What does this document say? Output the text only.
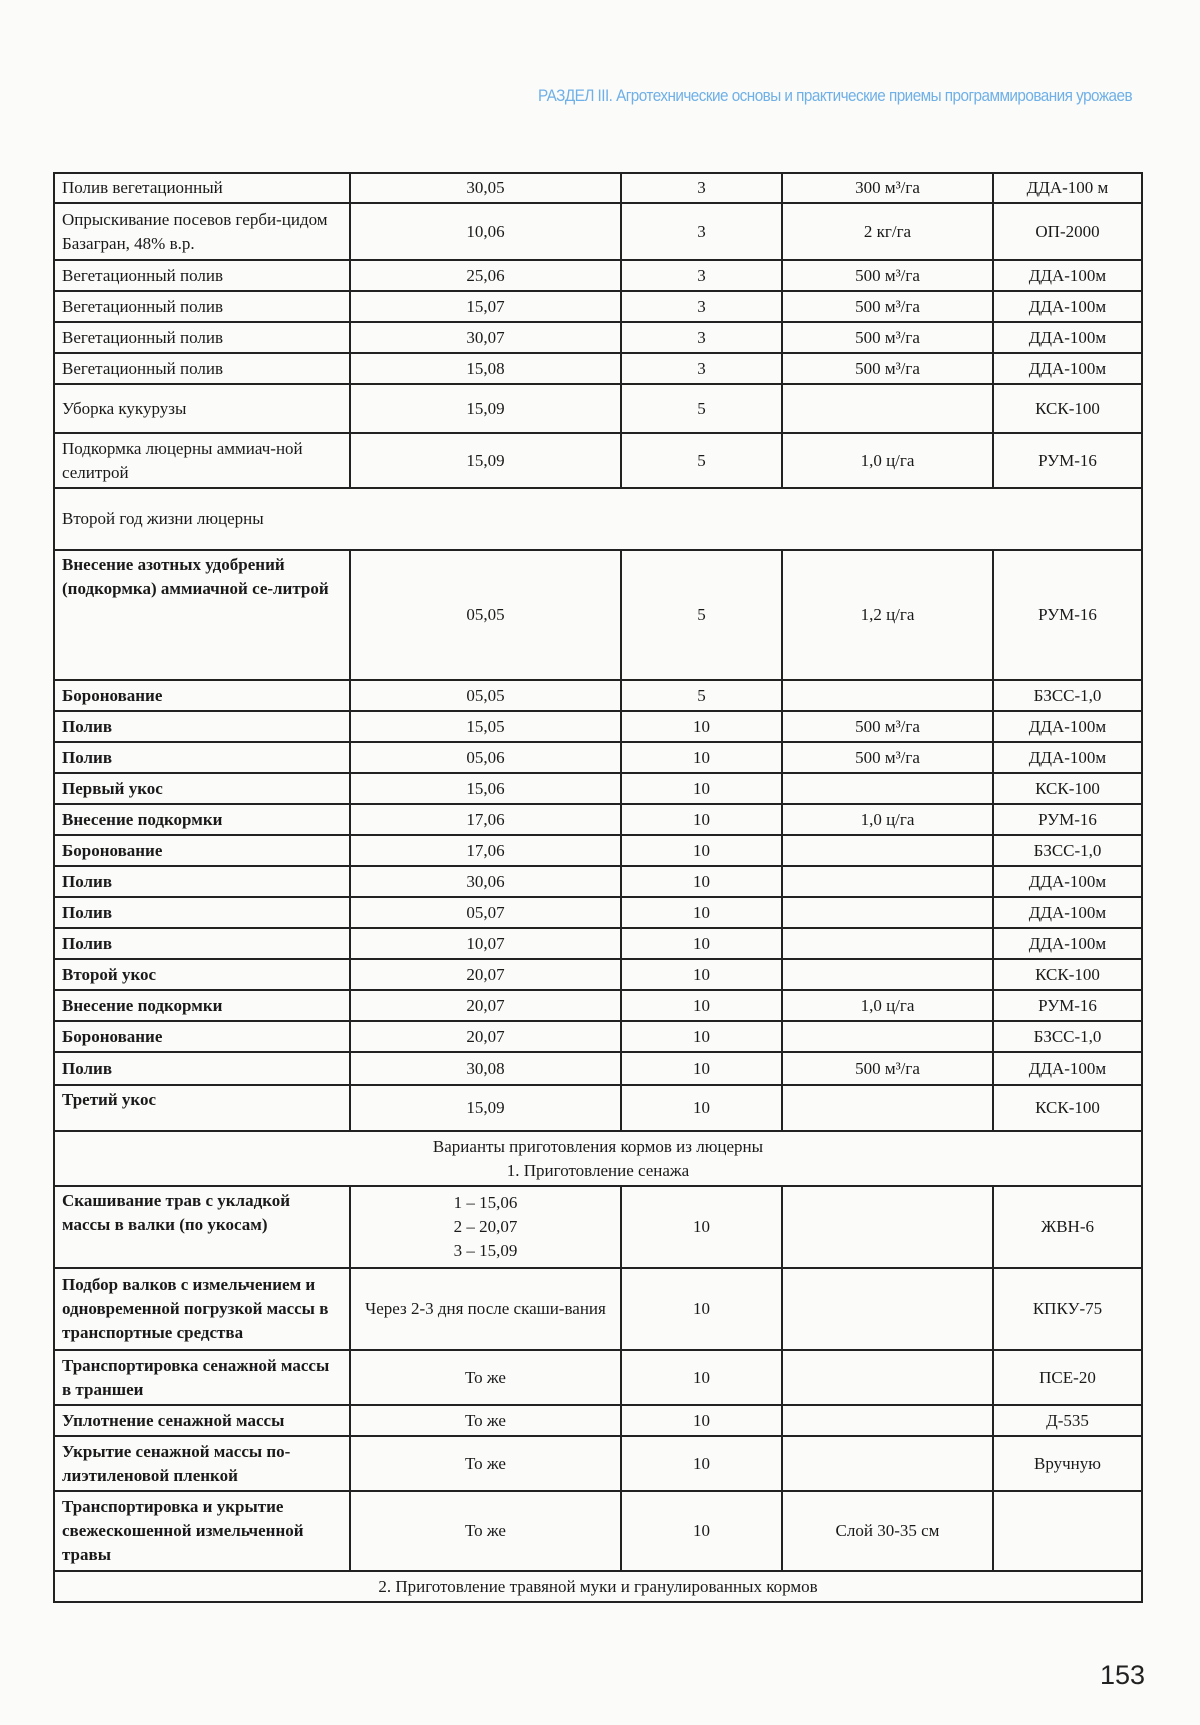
РАЗДЕЛ III. Агротехнические основы и практические приемы программирования урожаев
Полив вегетационный	30,05	3	300 м³/га	ДДА-100 м
Опрыскивание посевов герби-цидом Базагран, 48% в.р.	10,06	3	2 кг/га	ОП-2000
Вегетационный полив	25,06	3	500 м³/га	ДДА-100м
Вегетационный полив	15,07	3	500 м³/га	ДДА-100м
Вегетационный полив	30,07	3	500 м³/га	ДДА-100м
Вегетационный полив	15,08	3	500 м³/га	ДДА-100м
Уборка кукурузы	15,09	5		КСК-100
Подкормка люцерны аммиач-ной селитрой	15,09	5	1,0 ц/га	РУМ-16
Второй год жизни люцерны
Внесение азотных удобрений (подкормка) аммиачной се-литрой	05,05	5	1,2 ц/га	РУМ-16
Боронование	05,05	5		БЗСС-1,0
Полив	15,05	10	500 м³/га	ДДА-100м
Полив	05,06	10	500 м³/га	ДДА-100м
Первый укос	15,06	10		КСК-100
Внесение подкормки	17,06	10	1,0 ц/га	РУМ-16
Боронование	17,06	10		БЗСС-1,0
Полив	30,06	10		ДДА-100м
Полив	05,07	10		ДДА-100м
Полив	10,07	10		ДДА-100м
Второй укос	20,07	10		КСК-100
Внесение подкормки	20,07	10	1,0 ц/га	РУМ-16
Боронование	20,07	10		БЗСС-1,0
Полив	30,08	10	500 м³/га	ДДА-100м
Третий укос	15,09	10		КСК-100

Варианты приготовления кормов из люцерны
1. Приготовление сенажа

Скашивание трав с укладкой массы в валки (по укосам)	
1 – 15,06
2 – 20,07
3 – 15,09
	10		ЖВН-6
Подбор валков с измельчением и одновременной погрузкой массы в транспортные средства	Через 2-3 дня после скаши-вания	10		КПКУ-75
Транспортировка сенажной массы в траншеи	То же	10		ПСЕ-20
Уплотнение сенажной массы	То же	10		Д-535
Укрытие сенажной массы по-лиэтиленовой пленкой	То же	10		Вручную
Транспортировка и укрытие свежескошенной измельченной травы	То же	10	Слой 30-35 см	
2. Приготовление травяной муки и гранулированных кормов
153
